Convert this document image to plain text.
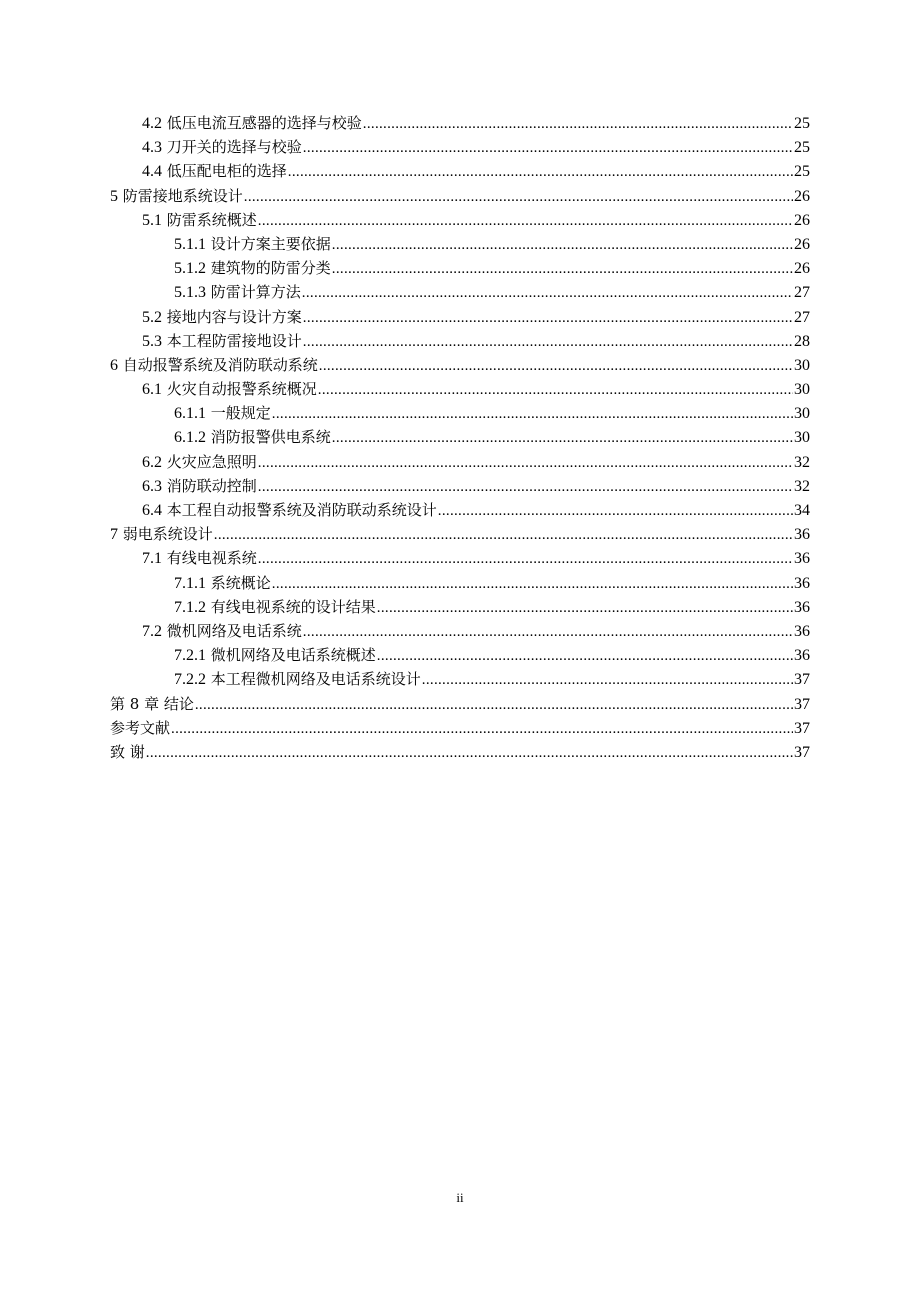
4.2 低压电流互感器的选择与校验 .....	25
4.3 刀开关的选择与校验 .....	25
4.4 低压配电柜的选择 .....	25
5 防雷接地系统设计 .....	26
5.1 防雷系统概述 .....	26
5.1.1 设计方案主要依据 .....	26
5.1.2 建筑物的防雷分类 .....	26
5.1.3 防雷计算方法 .....	27
5.2 接地内容与设计方案 .....	27
5.3 本工程防雷接地设计 .....	28
6 自动报警系统及消防联动系统 .....	30
6.1 火灾自动报警系统概况 .....	30
6.1.1 一般规定 .....	30
6.1.2 消防报警供电系统 .....	30
6.2 火灾应急照明 .....	32
6.3 消防联动控制 .....	32
6.4 本工程自动报警系统及消防联动系统设计 .....	34
7 弱电系统设计 .....	36
7.1 有线电视系统 .....	36
7.1.1 系统概论 .....	36
7.1.2 有线电视系统的设计结果 .....	36
7.2 微机网络及电话系统 .....	36
7.2.1 微机网络及电话系统概述 .....	36
7.2.2 本工程微机网络及电话系统设计 .....	37
第 8 章 结论 .....	37
参考文献 .....	37
致 谢 .....	37
ii
